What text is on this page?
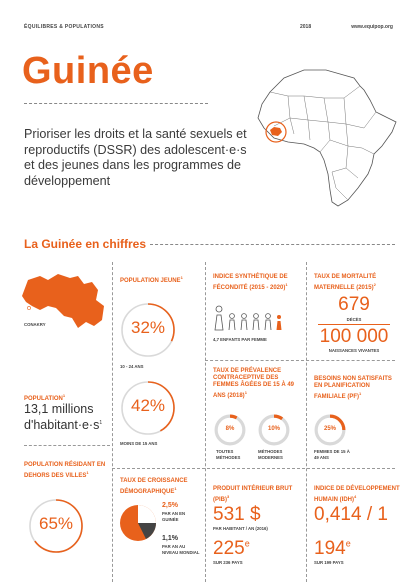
ÉQUILIBRES & POPULATIONS	2018	www.equipop.org
Guinée
Prioriser les droits et la santé sexuels et reproductifs (DSSR) des adolescent·e·s et des jeunes dans les programmes de développement
La Guinée en chiffres
CONAKRY
POPULATION$^1$
13,1 millions
$d'habitant\cdot e\cdot s^1$
POPULATION RÉSIDANT EN DEHORS DES VILLES$^1$
65%
POPULATION JEUNE$^1$
32%
10 - 24 ANS
42%
MOINS DE 15 ANS
TAUX DE CROISSANCE DÉMOGRAPHIQUE$^1$
2,5%
PAR AN EN GUINÉE
1,1%
PAR AN AU NIVEAU MONDIAL
INDICE SYNTHÉTIQUE DE FÉCONDITÉ (2015 - 2020)$^1$
4,7 ENFANTS PAR FEMME
TAUX DE PRÉVALENCE CONTRACEPTIVE DES FEMMES ÂGÉES DE 15 À 49 ANS $(2018)^1$
8%
TOUTES MÉTHODES
10%
MÉTHODES MODERNES
PRODUIT INTÉRIEUR BRUT (PIB)$^3$
531 $
PAR HABITANT / AN (2016)
225e
SUR 236 PAYS
TAUX DE MORTALITÉ MATERNELLE $(2015)^2$
679
DÉCÈS
100 000
NAISSANCES VIVANTES
BESOINS NON SATISFAITS EN PLANIFICATION FAMILIALE (PF)$^1$
25%
FEMMES DE 15 À 49 ANS
INDICE DE DÉVELOPPEMENT HUMAIN (IDH)$^4$
0,414 / 1
194e
SUR 199 PAYS
